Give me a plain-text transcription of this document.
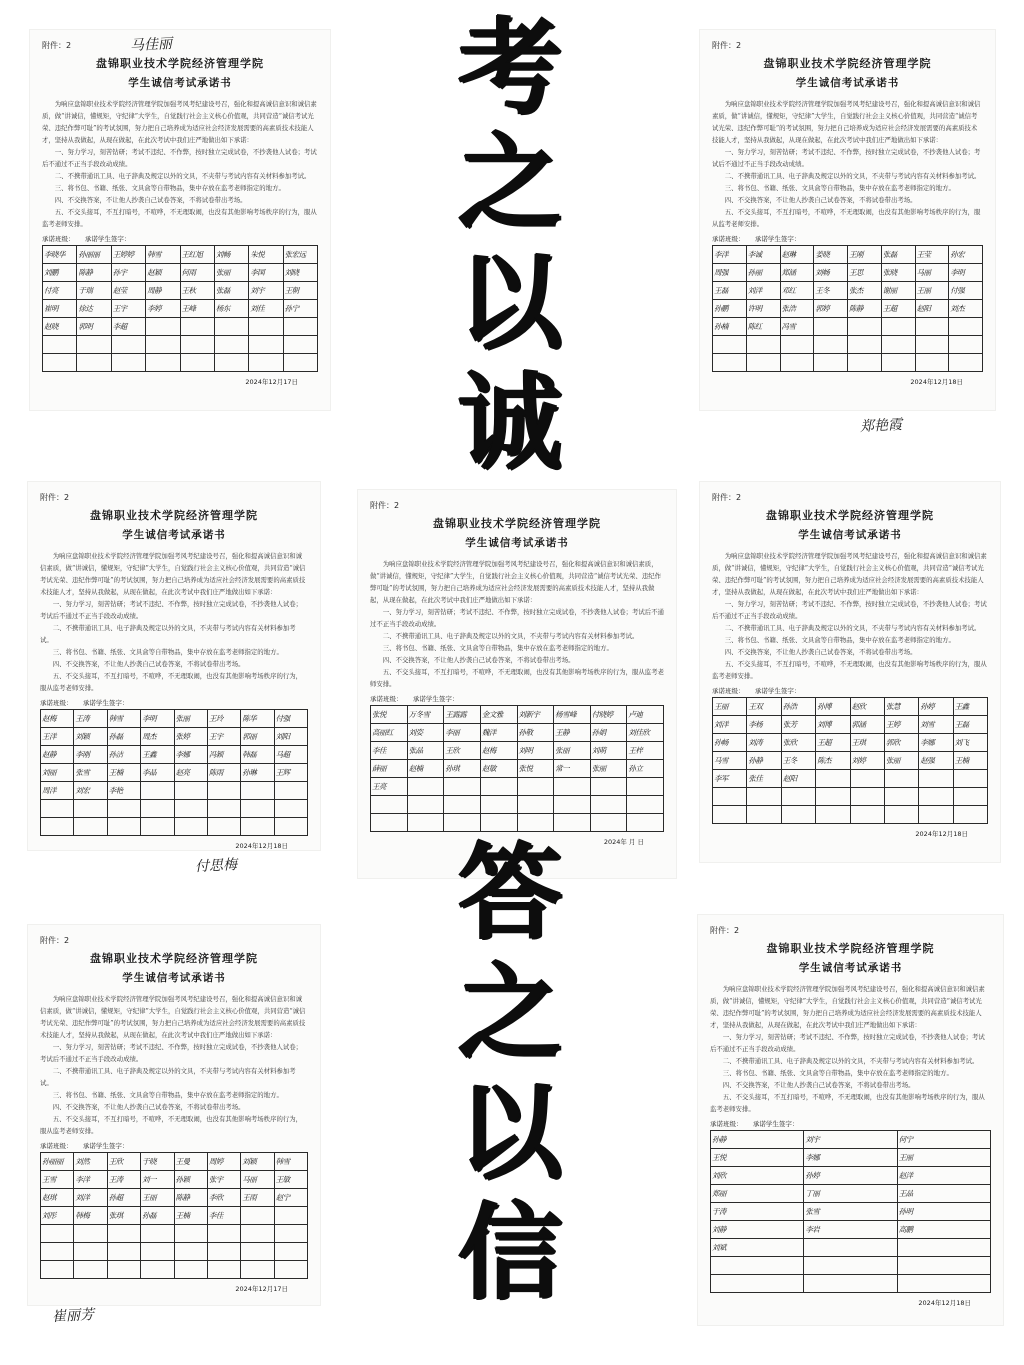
附件：2	马佳丽
盘锦职业技术学院经济管理学院
学生诚信考试承诺书

为响应盘锦职业技术学院经济管理学院加强考风考纪建设号召，强化和提高诚信意识和诚信素质，做“讲诚信，懂规矩，守纪律”大学生，自觉践行社会主义核心价值观，共同营造“诚信考试光荣、违纪作弊可耻”的考试氛围，努力把自己培养成为适应社会经济发展需要的高素质技术技能人才，坚持从我做起，从现在做起，在此次考试中我们庄严地做出如下承诺：

一、努力学习，刻苦钻研；考试不违纪、不作弊，按时独立完成试卷，不抄袭他人试卷；考试后不通过不正当手段改动成绩。

二、不携带通讯工具、电子辞典及规定以外的文具，不夹带与考试内容有关材料参加考试。

三、将书包、书籍、纸张、文具盒等自带物品，集中存放在监考老师指定的地方。

四、不交换答案，不让他人抄袭自己试卷答案，不将试卷带出考场。

五、不交头接耳，不互打暗号，不喧哗，不无理取闹，也没有其他影响考场秩序的行为，服从监考老师安排。

承诺班级： 承诺学生签字：
李晓华	孙丽丽	王婷婷	韩雪	王红旭	刘畅	朱悦	张宏远
刘鹏	陈静	孙宇	赵颖	何雨	张丽	李国	刘晓
付亮	于瑞	赵莹	周静	王秋	张磊	刘宇	王朝
崔明	徐达	王宇	李婷	王峰	杨东	刘佳	孙宁
赵晓	郭明	李超					

2024年12月17日
附件：2
盘锦职业技术学院经济管理学院
学生诚信考试承诺书

为响应盘锦职业技术学院经济管理学院加强考风考纪建设号召，强化和提高诚信意识和诚信素质，做“讲诚信，懂规矩，守纪律”大学生，自觉践行社会主义核心价值观，共同营造“诚信考试光荣、违纪作弊可耻”的考试氛围，努力把自己培养成为适应社会经济发展需要的高素质技术技能人才，坚持从我做起，从现在做起，在此次考试中我们庄严地做出如下承诺：

一、努力学习，刻苦钻研；考试不违纪、不作弊，按时独立完成试卷，不抄袭他人试卷；考试后不通过不正当手段改动成绩。

二、不携带通讯工具、电子辞典及规定以外的文具，不夹带与考试内容有关材料参加考试。

三、将书包、书籍、纸张、文具盒等自带物品，集中存放在监考老师指定的地方。

四、不交换答案，不让他人抄袭自己试卷答案，不将试卷带出考场。

五、不交头接耳，不互打暗号，不喧哗，不无理取闹，也没有其他影响考场秩序的行为，服从监考老师安排。

承诺班级： 承诺学生签字：
李洋	李诚	赵琳	姜晓	王刚	张磊	王莹	孙宏
周强	孙丽	郑涵	刘畅	王思	张晓	马丽	李明
王磊	刘洋	邓红	王冬	张杰	谢丽	王丽	付强
孙鹏	许明	张浩	郭婷	陈静	王超	赵阳	刘杰
孙楠	陈红	冯雪					

2024年12月18日
郑艳霞
附件：2
盘锦职业技术学院经济管理学院
学生诚信考试承诺书

为响应盘锦职业技术学院经济管理学院加强考风考纪建设号召，强化和提高诚信意识和诚信素质，做“讲诚信，懂规矩，守纪律”大学生，自觉践行社会主义核心价值观，共同营造“诚信考试光荣、违纪作弊可耻”的考试氛围，努力把自己培养成为适应社会经济发展需要的高素质技术技能人才，坚持从我做起，从现在做起，在此次考试中我们庄严地做出如下承诺：

一、努力学习，刻苦钻研；考试不违纪、不作弊，按时独立完成试卷，不抄袭他人试卷；考试后不通过不正当手段改动成绩。

二、不携带通讯工具、电子辞典及规定以外的文具，不夹带与考试内容有关材料参加考试。

三、将书包、书籍、纸张、文具盒等自带物品，集中存放在监考老师指定的地方。

四、不交换答案，不让他人抄袭自己试卷答案，不将试卷带出考场。

五、不交头接耳，不互打暗号，不喧哗，不无理取闹，也没有其他影响考场秩序的行为，服从监考老师安排。

承诺班级： 承诺学生签字：
赵梅	王涛	韩雪	李明	张丽	王玲	陈华	付强
王洋	刘颖	孙磊	周杰	张婷	王宇	郭丽	刘阳
赵静	李刚	孙洁	王鑫	李娜	冯颖	韩磊	马超
刘丽	张雪	王楠	李晶	赵亮	陈雨	孙琳	王辉
周洋	刘宏	李艳					

2024年12月18日
付思梅
附件：2
盘锦职业技术学院经济管理学院
学生诚信考试承诺书

为响应盘锦职业技术学院经济管理学院加强考风考纪建设号召，强化和提高诚信意识和诚信素质，做“讲诚信，懂规矩，守纪律”大学生，自觉践行社会主义核心价值观，共同营造“诚信考试光荣、违纪作弊可耻”的考试氛围，努力把自己培养成为适应社会经济发展需要的高素质技术技能人才，坚持从我做起，从现在做起，在此次考试中我们庄严地做出如下承诺：

一、努力学习，刻苦钻研；考试不违纪、不作弊，按时独立完成试卷，不抄袭他人试卷；考试后不通过不正当手段改动成绩。

二、不携带通讯工具、电子辞典及规定以外的文具，不夹带与考试内容有关材料参加考试。

三、将书包、书籍、纸张、文具盒等自带物品，集中存放在监考老师指定的地方。

四、不交换答案，不让他人抄袭自己试卷答案，不将试卷带出考场。

五、不交头接耳，不互打暗号，不喧哗，不无理取闹，也没有其他影响考场秩序的行为，服从监考老师安排。

承诺班级： 承诺学生签字：
张悦	万冬雪	王露露	金文雅	刘新宇	杨雪峰	付晓婷	卢迪
高丽红	刘姿	李丽	魏洋	孙敬	王静	孙娟	刘佳欣
李佳	张晶	王欣	赵梅	刘明	张丽	刘萌	王梓
薛丽	赵楠	孙琪	赵敏	张悦	常一	张丽	孙立
王亮							

2024年 月 日
附件：2
盘锦职业技术学院经济管理学院
学生诚信考试承诺书

为响应盘锦职业技术学院经济管理学院加强考风考纪建设号召，强化和提高诚信意识和诚信素质，做“讲诚信，懂规矩，守纪律”大学生，自觉践行社会主义核心价值观，共同营造“诚信考试光荣、违纪作弊可耻”的考试氛围，努力把自己培养成为适应社会经济发展需要的高素质技术技能人才，坚持从我做起，从现在做起，在此次考试中我们庄严地做出如下承诺：

一、努力学习，刻苦钻研；考试不违纪、不作弊，按时独立完成试卷，不抄袭他人试卷；考试后不通过不正当手段改动成绩。

二、不携带通讯工具、电子辞典及规定以外的文具，不夹带与考试内容有关材料参加考试。

三、将书包、书籍、纸张、文具盒等自带物品，集中存放在监考老师指定的地方。

四、不交换答案，不让他人抄袭自己试卷答案，不将试卷带出考场。

五、不交头接耳，不互打暗号，不喧哗，不无理取闹，也没有其他影响考场秩序的行为，服从监考老师安排。

承诺班级： 承诺学生签字：
王丽	王双	孙浩	孙博	赵欣	张慧	孙婷	王鑫
刘洋	李杨	张芳	刘博	郭涵	王婷	刘雪	王磊
孙畅	刘涛	张欣	王超	王琪	郭欣	李娜	刘飞
马雪	孙静	王冬	陈杰	刘婷	张丽	赵强	王楠
李军	张佳	赵阳					

2024年12月18日
附件：2
盘锦职业技术学院经济管理学院
学生诚信考试承诺书

为响应盘锦职业技术学院经济管理学院加强考风考纪建设号召，强化和提高诚信意识和诚信素质，做“讲诚信，懂规矩，守纪律”大学生，自觉践行社会主义核心价值观，共同营造“诚信考试光荣、违纪作弊可耻”的考试氛围，努力把自己培养成为适应社会经济发展需要的高素质技术技能人才，坚持从我做起，从现在做起，在此次考试中我们庄严地做出如下承诺：

一、努力学习，刻苦钻研；考试不违纪、不作弊，按时独立完成试卷，不抄袭他人试卷；考试后不通过不正当手段改动成绩。

二、不携带通讯工具、电子辞典及规定以外的文具，不夹带与考试内容有关材料参加考试。

三、将书包、书籍、纸张、文具盒等自带物品，集中存放在监考老师指定的地方。

四、不交换答案，不让他人抄袭自己试卷答案，不将试卷带出考场。

五、不交头接耳，不互打暗号，不喧哗，不无理取闹，也没有其他影响考场秩序的行为，服从监考老师安排。

承诺班级： 承诺学生签字：
孙丽丽	刘然	王欣	于晓	王曼	周婷	刘颖	韩雪
王雪	李洋	王涛	刘一	孙颖	张宇	马丽	王敏
赵琪	刘洋	孙超	王丽	陈静	李欣	王雨	赵宁
刘彤	韩梅	张琪	孙磊	王楠	李佳		

2024年12月17日
崔丽芳
附件：2
盘锦职业技术学院经济管理学院
学生诚信考试承诺书

为响应盘锦职业技术学院经济管理学院加强考风考纪建设号召，强化和提高诚信意识和诚信素质，做“讲诚信，懂规矩，守纪律”大学生，自觉践行社会主义核心价值观，共同营造“诚信考试光荣、违纪作弊可耻”的考试氛围，努力把自己培养成为适应社会经济发展需要的高素质技术技能人才，坚持从我做起，从现在做起，在此次考试中我们庄严地做出如下承诺：

一、努力学习，刻苦钻研；考试不违纪、不作弊，按时独立完成试卷，不抄袭他人试卷；考试后不通过不正当手段改动成绩。

二、不携带通讯工具、电子辞典及规定以外的文具，不夹带与考试内容有关材料参加考试。

三、将书包、书籍、纸张、文具盒等自带物品，集中存放在监考老师指定的地方。

四、不交换答案，不让他人抄袭自己试卷答案，不将试卷带出考场。

五、不交头接耳，不互打暗号，不喧哗，不无理取闹，也没有其他影响考场秩序的行为，服从监考老师安排。

承诺班级： 承诺学生签字：
孙静	刘宇	何宁
王悦	李娜	王丽
刘欣	孙婷	赵洋
郑丽	丁丽	王晶
于涛	张雪	孙明
刘静	李岩	高鹏
刘斌		

2024年12月18日
考
之
以
诚
答
之
以
信
